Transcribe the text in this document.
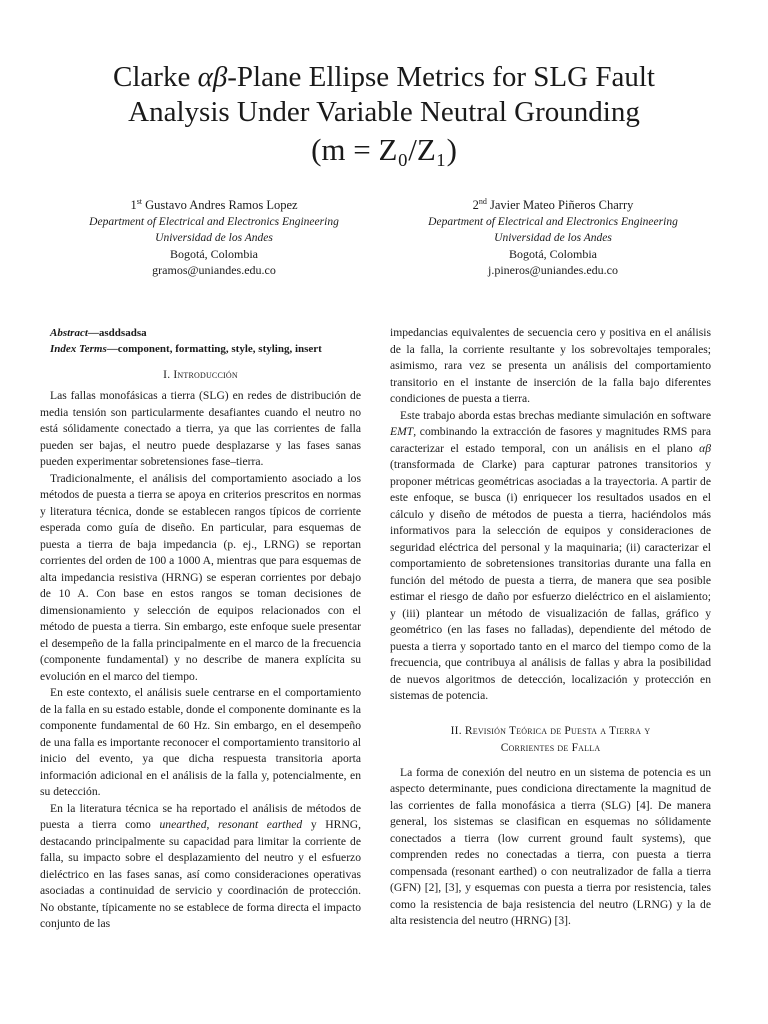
Clarke αβ-Plane Ellipse Metrics for SLG Fault
Analysis Under Variable Neutral Grounding
(m = Z₀/Z₁)
1st Gustavo Andres Ramos Lopez
Department of Electrical and Electronics Engineering
Universidad de los Andes
Bogotá, Colombia
gramos@uniandes.edu.co
2nd Javier Mateo Piñeros Charry
Department of Electrical and Electronics Engineering
Universidad de los Andes
Bogotá, Colombia
j.pineros@uniandes.edu.co
Abstract—asddsadsa
Index Terms—component, formatting, style, styling, insert
I. Introducción

Las fallas monofásicas a tierra (SLG) en redes de distribución de media tensión son particularmente desafiantes cuando el neutro no está sólidamente conectado a tierra, ya que las corrientes de falla pueden ser bajas, el neutro puede desplazarse y las fases sanas pueden experimentar sobretensiones fase–tierra.

Tradicionalmente, el análisis del comportamiento asociado a los métodos de puesta a tierra se apoya en criterios prescritos en normas y literatura técnica, donde se establecen rangos típicos de corriente esperada como guía de diseño. En particular, para esquemas de puesta a tierra de baja impedancia (p. ej., LRNG) se reportan corrientes del orden de 100 a 1000 A, mientras que para esquemas de alta impedancia resistiva (HRNG) se esperan corrientes por debajo de 10 A. Con base en estos rangos se toman decisiones de dimensionamiento y selección de equipos relacionados con el método de puesta a tierra. Sin embargo, este enfoque suele presentar el desempeño de la falla principalmente en el marco de la frecuencia (componente fundamental) y no describe de manera explícita su evolución en el marco del tiempo.

En este contexto, el análisis suele centrarse en el comportamiento de la falla en su estado estable, donde el componente dominante es la componente fundamental de 60 Hz. Sin embargo, en el desempeño de una falla es importante reconocer el comportamiento transitorio al inicio del evento, ya que dicha respuesta transitoria aporta información adicional en el análisis de la falla y, potencialmente, en su detección.

En la literatura técnica se ha reportado el análisis de métodos de puesta a tierra como unearthed, resonant earthed y HRNG, destacando principalmente su capacidad para limitar la corriente de falla, su impacto sobre el desplazamiento del neutro y el esfuerzo dieléctrico en las fases sanas, así como consideraciones operativas asociadas a continuidad de servicio y coordinación de protección. No obstante, típicamente no se establece de forma directa el impacto conjunto de las

impedancias equivalentes de secuencia cero y positiva en el análisis de la falla, la corriente resultante y los sobrevoltajes temporales; asimismo, rara vez se presenta un análisis del comportamiento transitorio en el instante de inserción de la falla bajo diferentes condiciones de puesta a tierra.

Este trabajo aborda estas brechas mediante simulación en software EMT, combinando la extracción de fasores y magnitudes RMS para caracterizar el estado temporal, con un análisis en el plano αβ (transformada de Clarke) para capturar patrones transitorios y proponer métricas geométricas asociadas a la trayectoria. A partir de este enfoque, se busca (i) enriquecer los resultados usados en el cálculo y diseño de métodos de puesta a tierra, haciéndolos más informativos para la selección de equipos y consideraciones de seguridad eléctrica del personal y la maquinaria; (ii) caracterizar el comportamiento de sobretensiones transitorias durante una falla en función del método de puesta a tierra, de manera que sea posible estimar el riesgo de daño por esfuerzo dieléctrico en el aislamiento; y (iii) plantear un método de visualización de fallas, gráfico y geométrico (en las fases no falladas), dependiente del método de puesta a tierra y soportado tanto en el marco del tiempo como de la frecuencia, que contribuya al análisis de fallas y abra la posibilidad de nuevos algoritmos de detección, localización y protección en sistemas de potencia.

II. Revisión Teórica de Puesta a Tierra y
Corrientes de Falla

La forma de conexión del neutro en un sistema de potencia es un aspecto determinante, pues condiciona directamente la magnitud de las corrientes de falla monofásica a tierra (SLG) [4]. De manera general, los sistemas se clasifican en esquemas no sólidamente conectados a tierra (low current ground fault systems), que comprenden redes no conectadas a tierra, con puesta a tierra compensada (resonant earthed) o con neutralizador de falla a tierra (GFN) [2], [3], y esquemas con puesta a tierra por resistencia, tales como la resistencia de baja resistencia del neutro (LRNG) y la de alta resistencia del neutro (HRNG) [3].
